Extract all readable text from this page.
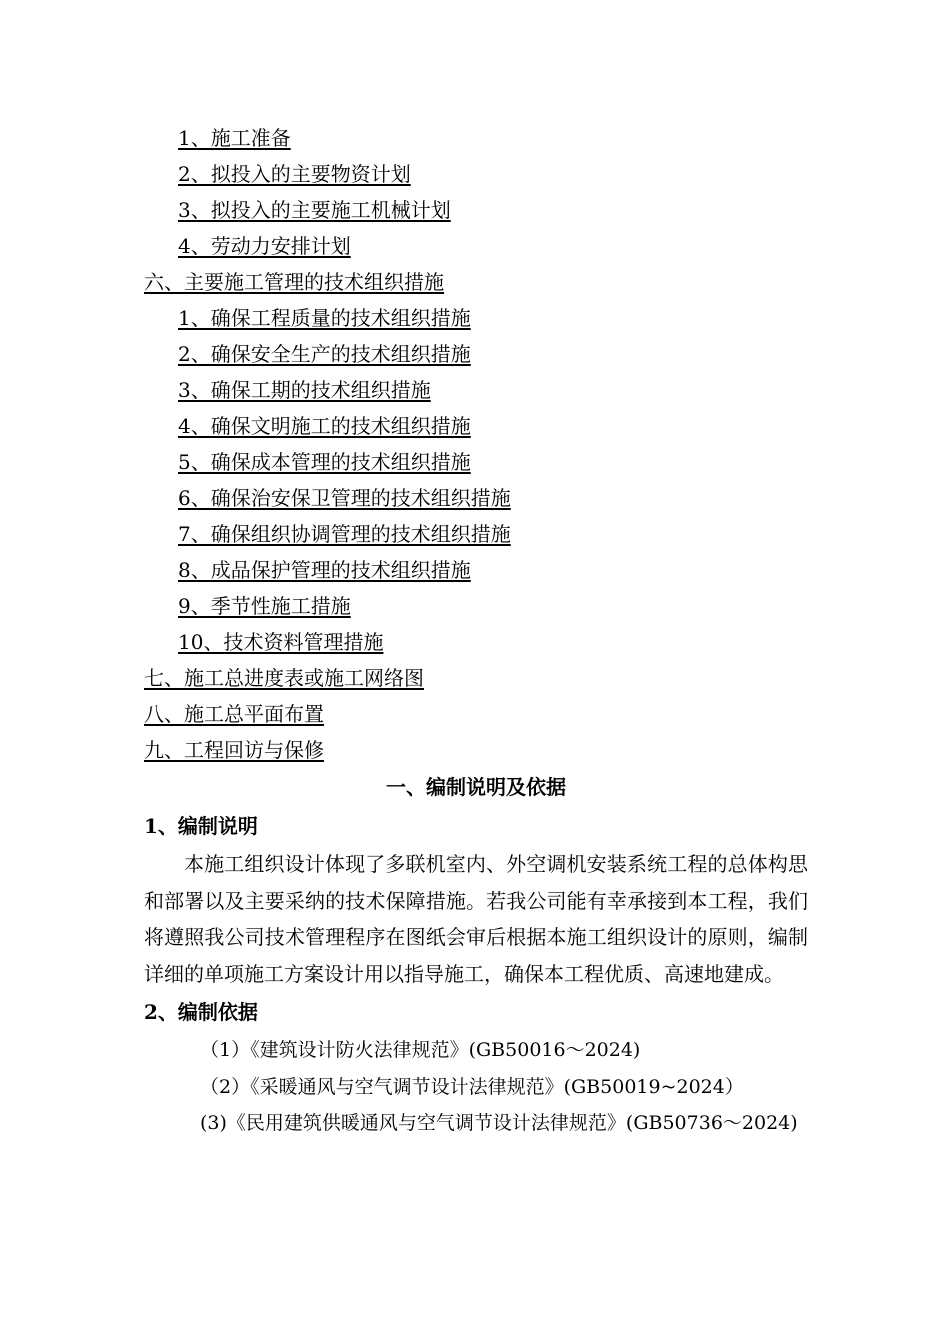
1、施工准备
2、拟投入的主要物资计划
3、拟投入的主要施工机械计划
4、劳动力安排计划
六、主要施工管理的技术组织措施
1、确保工程质量的技术组织措施
2、确保安全生产的技术组织措施
3、确保工期的技术组织措施
4、确保文明施工的技术组织措施
5、确保成本管理的技术组织措施
6、确保治安保卫管理的技术组织措施
7、确保组织协调管理的技术组织措施
8、成品保护管理的技术组织措施
9、季节性施工措施
10、技术资料管理措施
七、施工总进度表或施工网络图
八、施工总平面布置
九、工程回访与保修
一、编制说明及依据
1、编制说明

本施工组织设计体现了多联机室内、外空调机安装系统工程的总体构思和部署以及主要采纳的技术保障措施。若我公司能有幸承接到本工程，我们将遵照我公司技术管理程序在图纸会审后根据本施工组织设计的原则，编制详细的单项施工方案设计用以指导施工，确保本工程优质、高速地建成。

2、编制依据

（1）《建筑设计防火法律规范》(GB50016～2024)

（2）《采暖通风与空气调节设计法律规范》(GB50019~2024）

(3)《民用建筑供暖通风与空气调节设计法律规范》(GB50736～2024)
